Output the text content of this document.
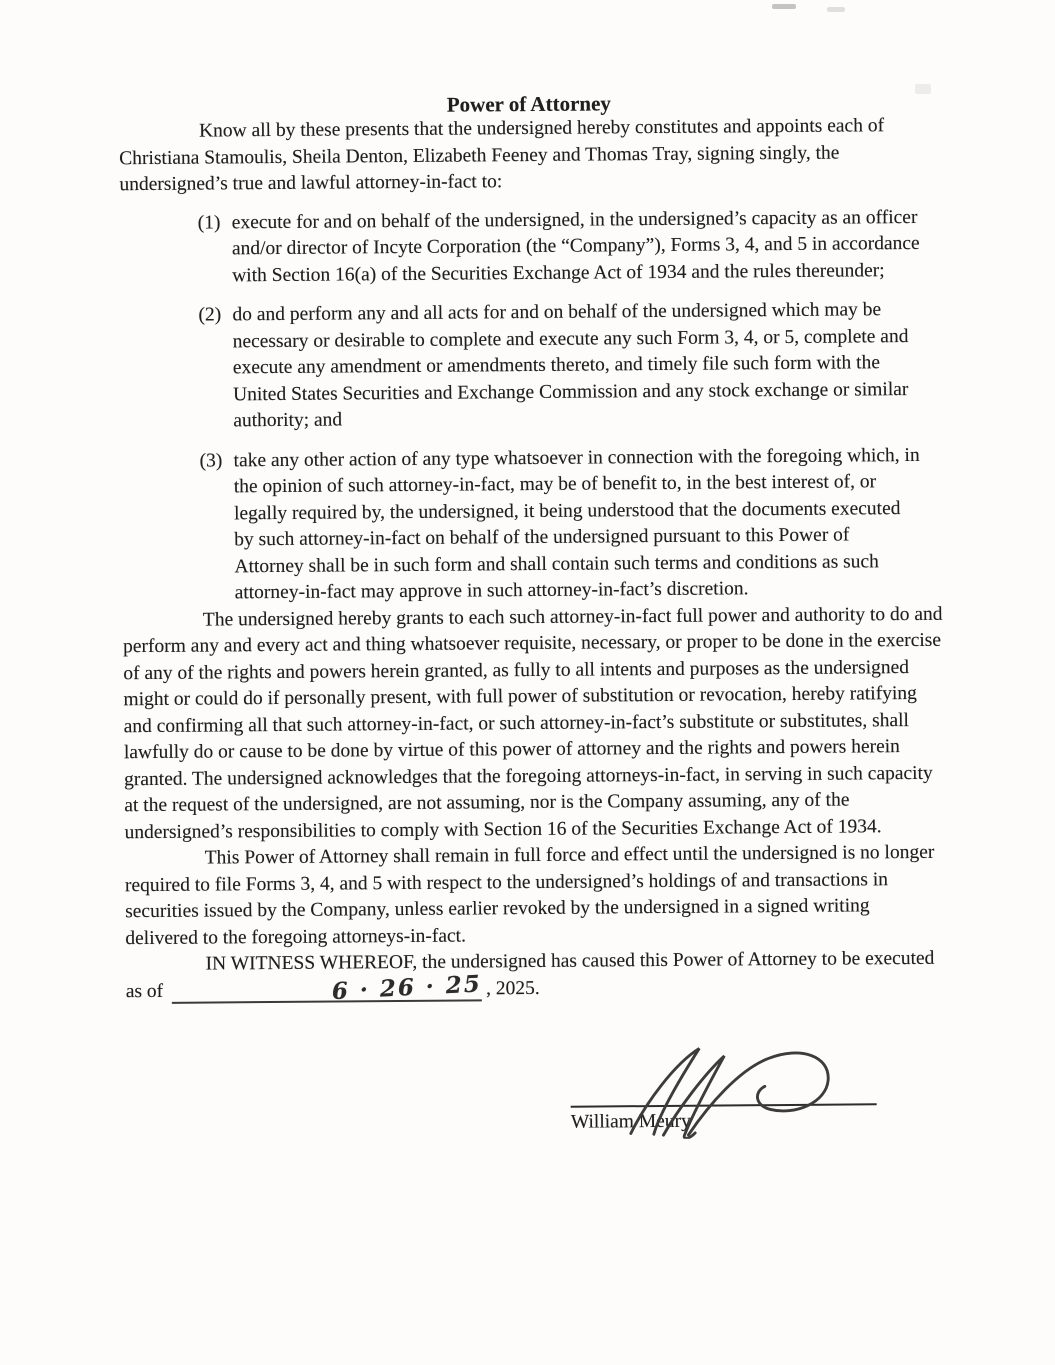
Power of Attorney

Know all by these presents that the undersigned hereby constitutes and appoints each of Christiana Stamoulis, Sheila Denton, Elizabeth Feeney and Thomas Tray, signing singly, the undersigned’s true and lawful attorney-in-fact to:

(1) execute for and on behalf of the undersigned, in the undersigned’s capacity as an officer and/or director of Incyte Corporation (the “Company”), Forms 3, 4, and 5 in accordance with Section 16(a) of the Securities Exchange Act of 1934 and the rules thereunder;
(2) do and perform any and all acts for and on behalf of the undersigned which may be necessary or desirable to complete and execute any such Form 3, 4, or 5, complete and execute any amendment or amendments thereto, and timely file such form with the United States Securities and Exchange Commission and any stock exchange or similar authority; and
(3) take any other action of any type whatsoever in connection with the foregoing which, in the opinion of such attorney-in-fact, may be of benefit to, in the best interest of, or legally required by, the undersigned, it being understood that the documents executed by such attorney-in-fact on behalf of the undersigned pursuant to this Power of Attorney shall be in such form and shall contain such terms and conditions as such attorney-in-fact may approve in such attorney-in-fact’s discretion.

The undersigned hereby grants to each such attorney-in-fact full power and authority to do and perform any and every act and thing whatsoever requisite, necessary, or proper to be done in the exercise of any of the rights and powers herein granted, as fully to all intents and purposes as the undersigned might or could do if personally present, with full power of substitution or revocation, hereby ratifying and confirming all that such attorney-in-fact, or such attorney-in-fact’s substitute or substitutes, shall lawfully do or cause to be done by virtue of this power of attorney and the rights and powers herein granted. The undersigned acknowledges that the foregoing attorneys-in-fact, in serving in such capacity at the request of the undersigned, are not assuming, nor is the Company assuming, any of the undersigned’s responsibilities to comply with Section 16 of the Securities Exchange Act of 1934.

This Power of Attorney shall remain in full force and effect until the undersigned is no longer required to file Forms 3, 4, and 5 with respect to the undersigned’s holdings of and transactions in securities issued by the Company, unless earlier revoked by the undersigned in a signed writing delivered to the foregoing attorneys-in-fact.

IN WITNESS WHEREOF, the undersigned has caused this Power of Attorney to be executed as of	6 · 26 · 25 , 2025.

William Meury
